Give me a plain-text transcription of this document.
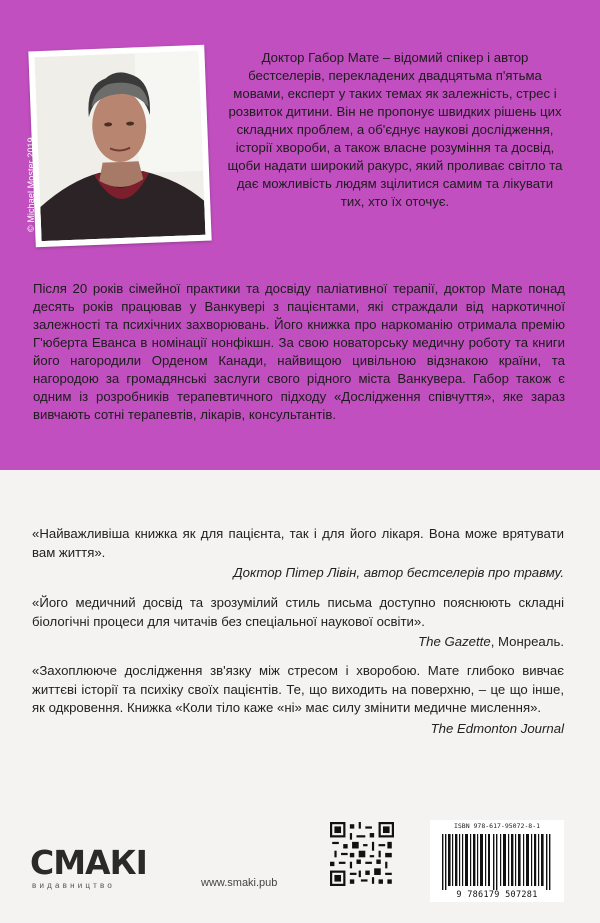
© Michael Moster 2019

Доктор Габор Мате – відомий спікер і автор бестселерів, перекладених двадцятьма п'ятьма мовами, експерт у таких темах як залежність, стрес і розвиток дитини. Він не пропонує швидких рішень цих складних проблем, а об'єднує наукові дослідження, історії хвороби, а також власне розуміння та досвід, щоби надати широкий ракурс, який проливає світло та дає можливість людям зцілитися самим та лікувати тих, хто їх оточує.

Після 20 років сімейної практики та досвіду паліативної терапії, доктор Мате понад десять років працював у Ванкувері з пацієнтами, які страждали від наркотичної залежності та психічних захворювань. Його книжка про наркоманію отримала премію Г'юберта Еванса в номінації нонфікшн. За свою новаторську медичну роботу та книги його нагородили Орденом Канади, найвищою цивільною відзнакою країни, та нагородою за громадянські заслуги свого рідного міста Ванкувера. Габор також є одним із розробників терапевтичного підходу «Дослідження співчуття», яке зараз вивчають сотні терапевтів, лікарів, консультантів.

«Найважливіша книжка як для пацієнта, так і для його лікаря. Вона може врятувати вам життя».

Доктор Пітер Лівін, автор бестселерів про травму.

«Його медичний досвід та зрозумілий стиль письма доступно пояснюють складні біологічні процеси для читачів без спеціальної наукової освіти».

The Gazette, Монреаль.

«Захоплююче дослідження зв'язку між стресом і хворобою. Мате глибоко вивчає життєві історії та психіку своїх пацієнтів. Те, що виходить на поверхню, – це що інше, як одкровення. Книжка «Коли тіло каже «ні» має силу змінити медичне мислення».

The Edmonton Journal

СМАКІ
видавництво	www.smaki.pub
ISBN 978-617-95072-8-1
9 786179 507281
